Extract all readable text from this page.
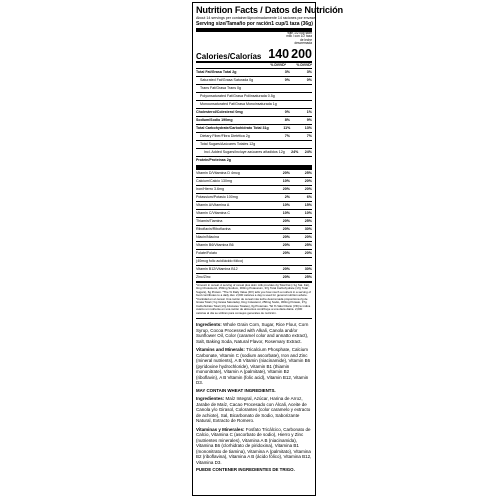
Nutrition Facts / Datos de Nutrición
About 14 servings per container/Aproximadamente 14 raciones por envase
Serving size/Tamaño por ración 1 cup/1 taza (36g)
with 1/2 cup skim milk / con 1/2 taza de leche descremada
Calories/Calorías 140 200
% DV/VD*	% DV/VD*
Total Fat/Grasa Total 2g	3%	3%
Saturated Fat/Grasa Saturada 0g	0%	0%
Trans Fat/Grasa Trans 0g
Polyunsaturated Fat/Grasa Poliinsaturada 0.5g
Monounsaturated Fat/Grasa Monoinsaturada 1g
Cholesterol/Colesterol 0mg	0%	1%
Sodium/Sodio 190mg	8%	9%
Total Carbohydrate/Carbohidrato Total 31g	11%	13%
Dietary Fiber/Fibra Dietética 2g	7%	7%
Total Sugars/Azúcares Totales 12g
Incl. Added Sugars/Incluye azúcares añadidos 12g	24%	24%
Protein/Proteínas 2g
Vitamin D/Vitamina D 4mcg	20%	25%
Calcium/Calcio 130mg	10%	20%
Iron/Hierro 3.6mg	20%	20%
Potassium/Potasio 100mg	2%	6%
Vitamin A/Vitamina A	10%	15%
Vitamin C/Vitamina C	10%	10%
Thiamin/Tiamina	20%	25%
Riboflavin/Riboflavina	20%	30%
Niacin/Niacina	20%	20%
Vitamin B6/Vitamina B6	20%	25%
Folate/Folato	20%	20%
(40mcg folic acid/ácido fólico)
Vitamin B12/Vitamina B12	20%	30%
Zinc/Zinc	20%	25%
*Amount in cereal. A serving of cereal plus skim milk provides 2g Total Fat (<1g Sat. Fat), 0mg Cholesterol, 250mg Sodium, 300mg Potassium, 37g Total Carbohydrate (17g Total Sugars), 6g Protein. *The % Daily Value (DV) tells you how much a nutrient in a serving of food contributes to a daily diet. 2,000 calories a day is used for general nutrition advice. *Cantidad en el cereal. Una ración de cereal más leche descremada proporciona 2g de Grasa Total (<1g Grasa Saturada), 0mg Colesterol, 250mg Sodio, 300mg Potasio, 37g Carbohidrato Total (17g Azúcares Totales), 6g Proteínas. *El % Valor Diario (VD) le indica cuánto un nutriente en una ración de alimentos contribuye a una dieta diaria. 2,000 calorías al día se utilizan para consejos generales de nutrición.
Ingredients: Whole Grain Corn, Sugar, Rice Flour, Corn Syrup, Cocoa Processed with Alkali, Canola and/or Sunflower Oil, Color (caramel color and annatto extract), Salt, Baking Soda, Natural Flavor, Rosemary Extract.
Vitamins and Minerals: Tricalcium Phosphate, Calcium Carbonate, Vitamin C (sodium ascorbate), Iron and Zinc (mineral nutrients), A B Vitamin (niacinamide), Vitamin B6 (pyridoxine hydrochloride), Vitamin B1 (thiamin mononitrate), Vitamin A (palmitate), Vitamin B2 (riboflavin), A B Vitamin (folic acid), Vitamin B12, Vitamin D3.
MAY CONTAIN WHEAT INGREDIENTS.
Ingredientes: Maíz Integral, Azúcar, Harina de Arroz, Jarabe de Maíz, Cacao Procesado con Álcali, Aceite de Canola y/o Girasol, Colorantes (color caramelo y extracto de achiote), Sal, Bicarbonato de Sodio, Saborizante Natural, Extracto de Romero.
Vitaminas y Minerales: Fosfato Tricálcico, Carbonato de Calcio, Vitamina C (ascorbato de sodio), Hierro y Zinc (nutrientes minerales), Vitamina A B (niacinamida), Vitamina B6 (clorhidrato de piridoxina), Vitamina B1 (mononitrato de tiamina), Vitamina A (palmitato), Vitamina B2 (riboflavina), Vitamina A B (ácido fólico), Vitamina B12, Vitamina D3.
PUEDE CONTENER INGREDIENTES DE TRIGO.
